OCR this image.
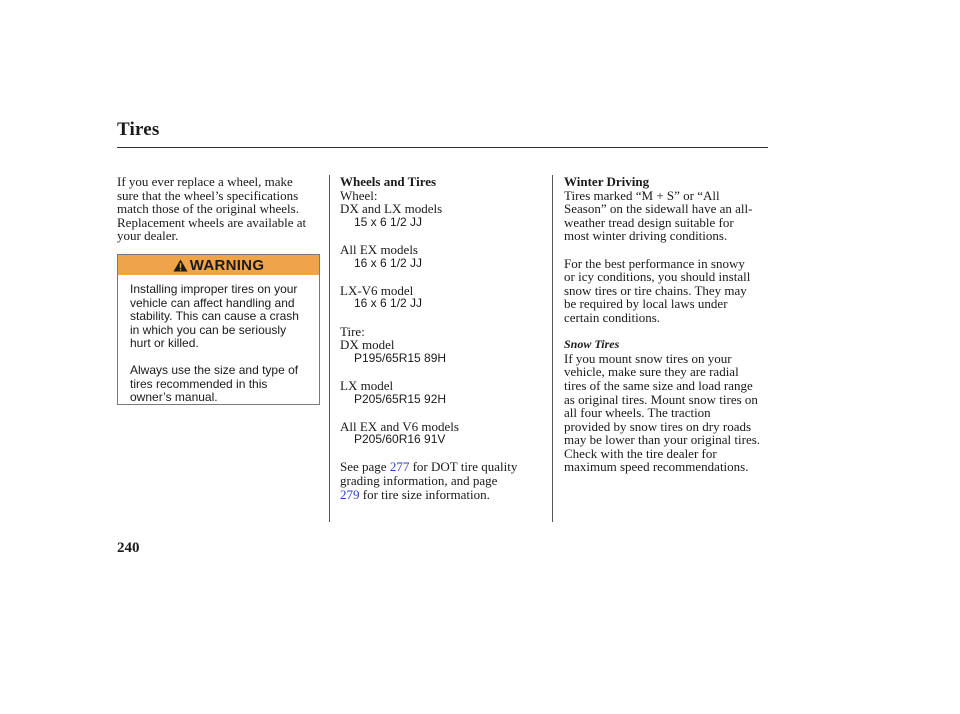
Tires
If you ever replace a wheel, make
sure that the wheel’s specifications
match those of the original wheels.
Replacement wheels are available at
your dealer.
WARNING
Installing improper tires on your
vehicle can affect handling and
stability. This can cause a crash
in which you can be seriously
hurt or killed.
Always use the size and type of
tires recommended in this
owner’s manual.
Wheels and Tires
Wheel:
DX and LX models
15 x 6 1/2 JJ
All EX models
16 x 6 1/2 JJ
LX-V6 model
16 x 6 1/2 JJ
Tire:
DX model
P195/65R15 89H
LX model
P205/65R15 92H
All EX and V6 models
P205/60R16 91V
See page 277 for DOT tire quality
grading information, and page
279 for tire size information.
Winter Driving
Tires marked “M + S” or “All
Season” on the sidewall have an all-
weather tread design suitable for
most winter driving conditions.
For the best performance in snowy
or icy conditions, you should install
snow tires or tire chains. They may
be required by local laws under
certain conditions.
Snow Tires
If you mount snow tires on your
vehicle, make sure they are radial
tires of the same size and load range
as original tires. Mount snow tires on
all four wheels. The traction
provided by snow tires on dry roads
may be lower than your original tires.
Check with the tire dealer for
maximum speed recommendations.
240
